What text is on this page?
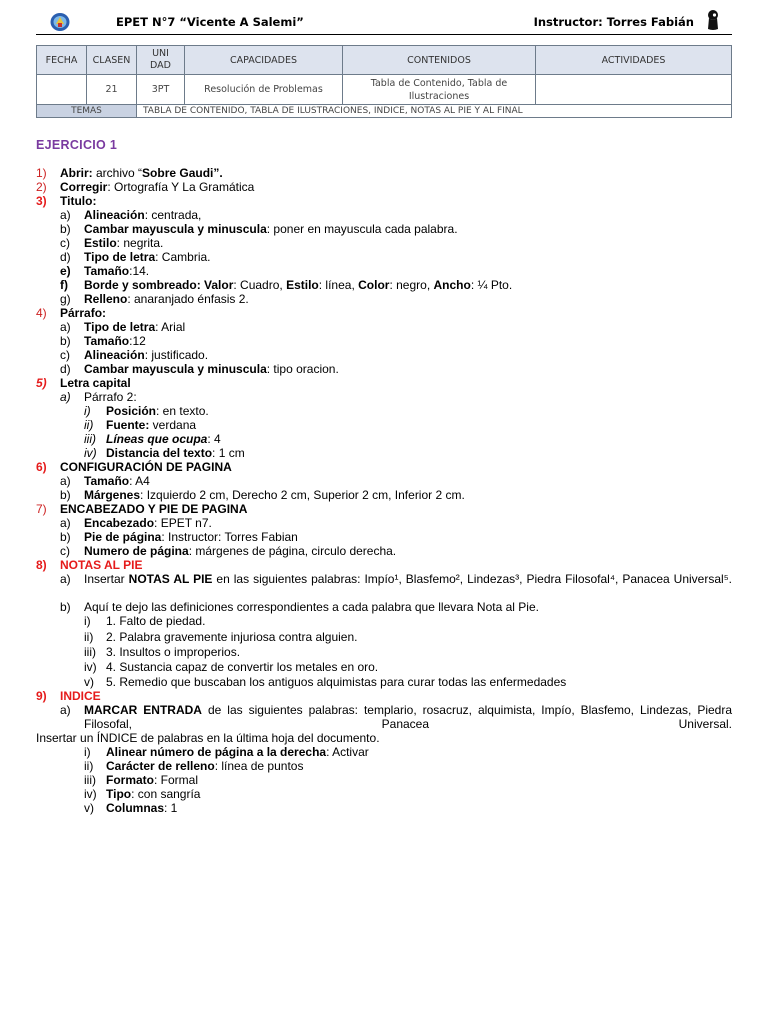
EPET N°7 “Vicente A Salemi”	Instructor: Torres Fabián
FECHA	CLASEN	UNIDAD	CAPACIDADES	CONTENIDOS	ACTIVIDADES
	21	3PT	Resolución de Problemas	Tabla de Contenido, Tabla de Ilustraciones	
TEMAS		TABLA DE CONTENIDO, TABLA DE ILUSTRACIONES, INDICE, NOTAS AL PIE Y AL FINAL			
EJERCICIO 1
1) Abrir: archivo “Sobre Gaudi”.
2) Corregir: Ortografía Y La Gramática
3) Titulo:
a) Alineación: centrada,
b) Cambar mayuscula y minuscula: poner en mayuscula cada palabra.
c) Estilo: negrita.
d) Tipo de letra: Cambria.
e) Tamaño:14.
f) Borde y sombreado: Valor: Cuadro, Estilo: línea, Color: negro, Ancho: ¼ Pto.
g) Relleno: anaranjado énfasis 2.
4) Párrafo:
a) Tipo de letra: Arial
b) Tamaño:12
c) Alineación: justificado.
d) Cambar mayuscula y minuscula: tipo oracion.
5) Letra capital
a) Párrafo 2:
i) Posición: en texto.
ii) Fuente: verdana
iii) Líneas que ocupa: 4
iv) Distancia del texto: 1 cm
6) CONFIGURACIÓN DE PAGINA
a) Tamaño: A4
b) Márgenes: Izquierdo 2 cm, Derecho 2 cm, Superior 2 cm, Inferior 2 cm.
7) ENCABEZADO Y PIE DE PAGINA
a) Encabezado: EPET n7.
b) Pie de página: Instructor: Torres Fabian
c) Numero de página: márgenes de página, circulo derecha.
8) NOTAS AL PIE
a) Insertar NOTAS AL PIE en las siguientes palabras: Impío¹, Blasfemo², Lindezas³, Piedra Filosofal⁴, Panacea Universal⁵.
b) Aquí te dejo las definiciones correspondientes a cada palabra que llevara Nota al Pie.
i) 1. Falto de piedad.
ii) 2. Palabra gravemente injuriosa contra alguien.
iii) 3. Insultos o improperios.
iv) 4. Sustancia capaz de convertir los metales en oro.
v) 5. Remedio que buscaban los antiguos alquimistas para curar todas las enfermedades
9) INDICE
a) MARCAR ENTRADA de las siguientes palabras: templario, rosacruz, alquimista, Impío, Blasfemo, Lindezas, Piedra Filosofal, Panacea Universal.
Insertar un ÍNDICE de palabras en la última hoja del documento.
i) Alinear número de página a la derecha: Activar
ii) Carácter de relleno: línea de puntos
iii) Formato: Formal
iv) Tipo: con sangría
v) Columnas: 1
